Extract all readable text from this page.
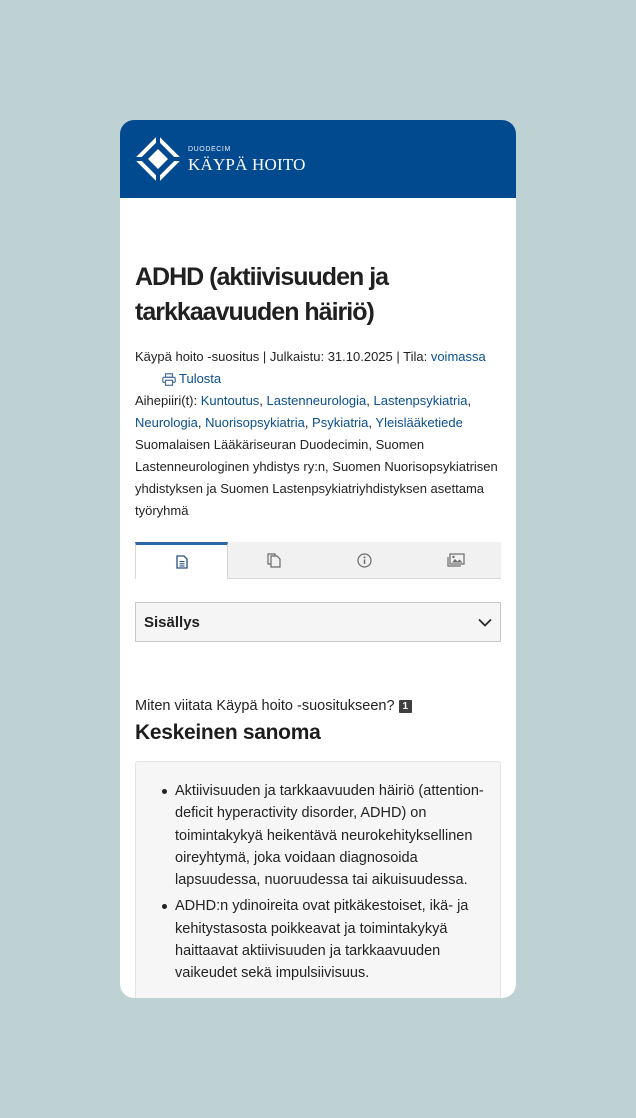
DUODECIM
KÄYPÄ HOITO
ADHD (aktiivisuuden ja tarkkaavuuden häiriö)
Käypä hoito -suositus | Julkaistu: 31.10.2025 | Tila: voimassa
Tulosta
Aihepiiri(t): Kuntoutus, Lastenneurologia, Lastenpsykiatria, Neurologia, Nuorisopsykiatria, Psykiatria, Yleislääketiede
Suomalaisen Lääkäriseuran Duodecimin, Suomen Lastenneurologinen yhdistys ry:n, Suomen Nuorisopsykiatrisen yhdistyksen ja Suomen Lastenpsykiatriyhdistyksen asettama työryhmä
Sisällys
Miten viitata Käypä hoito -suositukseen? 1
Keskeinen sanoma
Aktiivisuuden ja tarkkaavuuden häiriö (attention-deficit hyperactivity disorder, ADHD) on toimintakykyä heikentävä neurokehityksellinen oireyhtymä, joka voidaan diagnosoida lapsuudessa, nuoruudessa tai aikuisuudessa.
ADHD:n ydinoireita ovat pitkäkestoiset, ikä- ja kehitystasosta poikkeavat ja toimintakykyä haittaavat aktiivisuuden ja tarkkaavuuden vaikeudet sekä impulsiivisuus.
